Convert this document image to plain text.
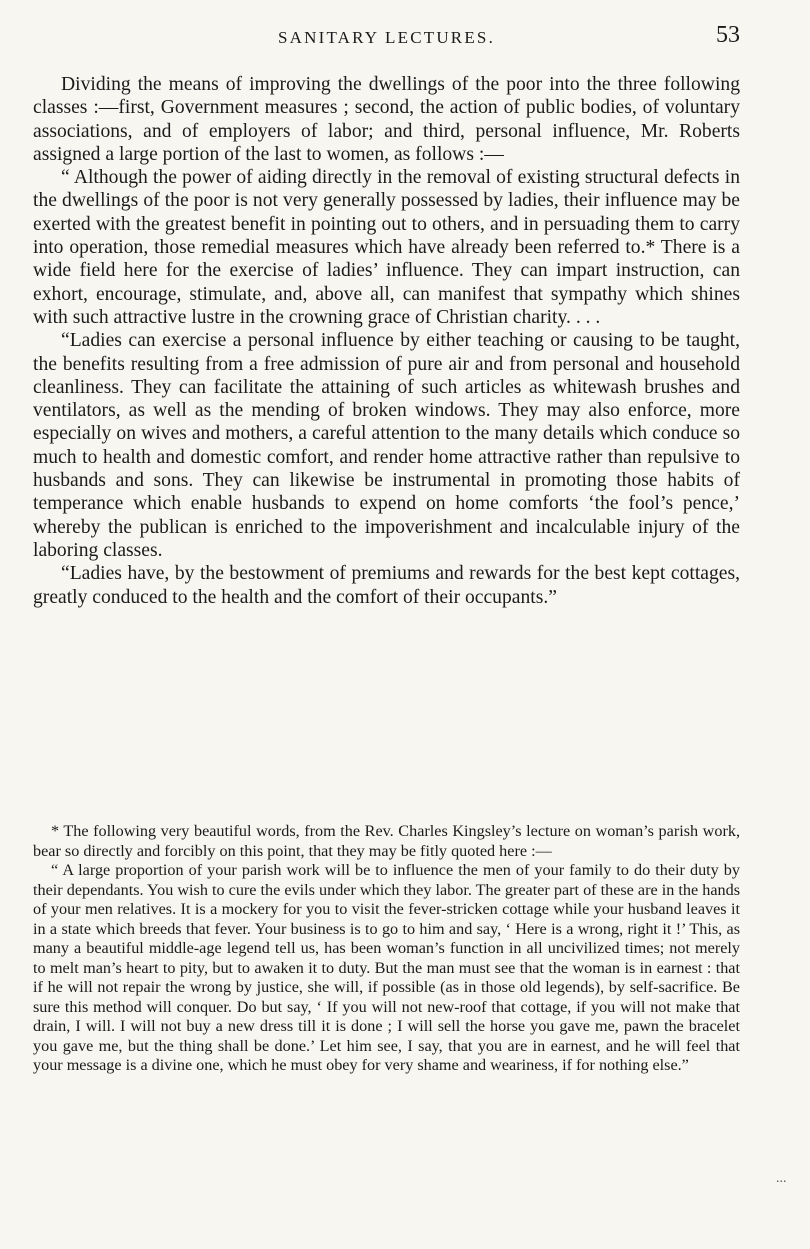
SANITARY LECTURES.	53

Dividing the means of improving the dwellings of the poor into the three following classes :—first, Government measures ; second, the action of public bodies, of voluntary associations, and of employers of labor; and third, personal influence, Mr. Roberts assigned a large portion of the last to women, as follows :—

“ Although the power of aiding directly in the removal of existing structural defects in the dwellings of the poor is not very generally possessed by ladies, their influence may be exerted with the greatest benefit in pointing out to others, and in persuading them to carry into operation, those remedial measures which have already been referred to.* There is a wide field here for the exercise of ladies’ influence. They can impart instruction, can exhort, encourage, stimulate, and, above all, can manifest that sympathy which shines with such attractive lustre in the crowning grace of Christian charity. . . .

“Ladies can exercise a personal influence by either teaching or causing to be taught, the benefits resulting from a free admission of pure air and from personal and household cleanliness. They can facilitate the attaining of such articles as whitewash brushes and ventilators, as well as the mending of broken windows. They may also enforce, more especially on wives and mothers, a careful attention to the many details which conduce so much to health and domestic comfort, and render home attractive rather than repulsive to husbands and sons. They can likewise be instrumental in promoting those habits of temperance which enable husbands to expend on home comforts ‘the fool’s pence,’ whereby the publican is enriched to the impoverishment and incalculable injury of the laboring classes.

“Ladies have, by the bestowment of premiums and rewards for the best kept cottages, greatly conduced to the health and the comfort of their occupants.”

* The following very beautiful words, from the Rev. Charles Kingsley’s lecture on woman’s parish work, bear so directly and forcibly on this point, that they may be fitly quoted here :—

“ A large proportion of your parish work will be to influence the men of your family to do their duty by their dependants. You wish to cure the evils under which they labor. The greater part of these are in the hands of your men relatives. It is a mockery for you to visit the fever-stricken cottage while your husband leaves it in a state which breeds that fever. Your business is to go to him and say, ‘ Here is a wrong, right it !’ This, as many a beautiful middle-age legend tell us, has been woman’s function in all uncivilized times; not merely to melt man’s heart to pity, but to awaken it to duty. But the man must see that the woman is in earnest : that if he will not repair the wrong by justice, she will, if possible (as in those old legends), by self-sacrifice. Be sure this method will conquer. Do but say, ‘ If you will not new-roof that cottage, if you will not make that drain, I will. I will not buy a new dress till it is done ; I will sell the horse you gave me, pawn the bracelet you gave me, but the thing shall be done.’ Let him see, I say, that you are in earnest, and he will feel that your message is a divine one, which he must obey for very shame and weariness, if for nothing else.”

...
